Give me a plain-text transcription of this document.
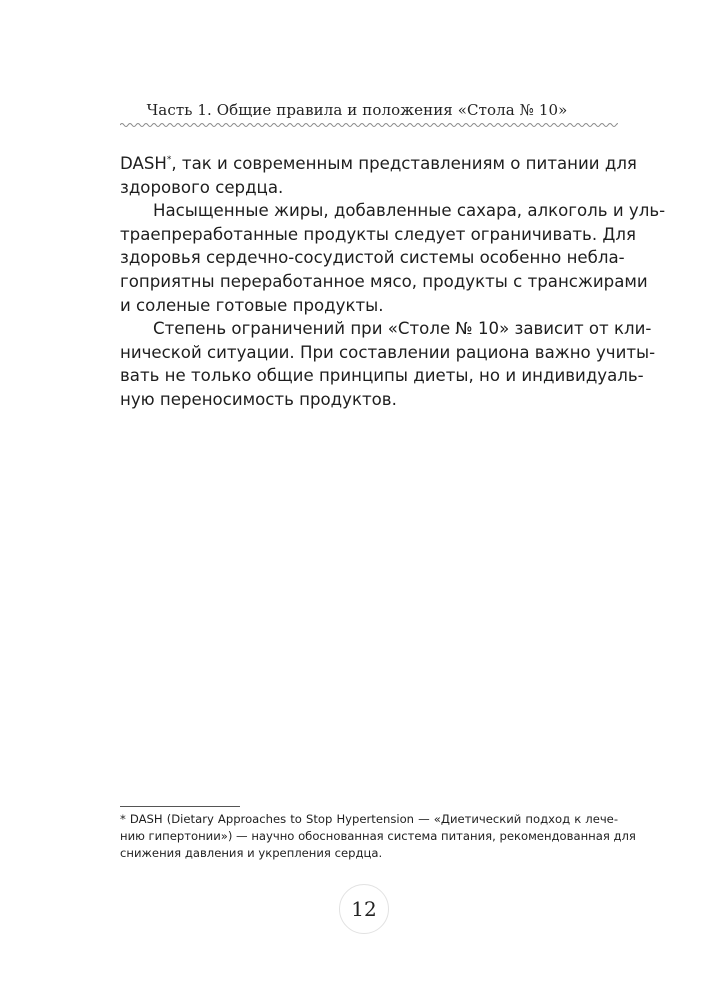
Часть 1. Общие правила и положения «Стола № 10»
DASH*, так и современным представлениям о питании для
здорового сердца.
Насыщенные жиры, добавленные сахара, алкоголь и уль-
траепреработанные продукты следует ограничивать. Для
здоровья сердечно-сосудистой системы особенно небла-
гоприятны переработанное мясо, продукты с трансжирами
и соленые готовые продукты.
Степень ограничений при «Столе № 10» зависит от кли-
нической ситуации. При составлении рациона важно учиты-
вать не только общие принципы диеты, но и индивидуаль-
ную переносимость продуктов.
* DASH (Dietary Approaches to Stop Hypertension — «Диетический подход к лече-
нию гипертонии») — научно обоснованная система питания, рекомендованная для
снижения давления и укрепления сердца.
12
